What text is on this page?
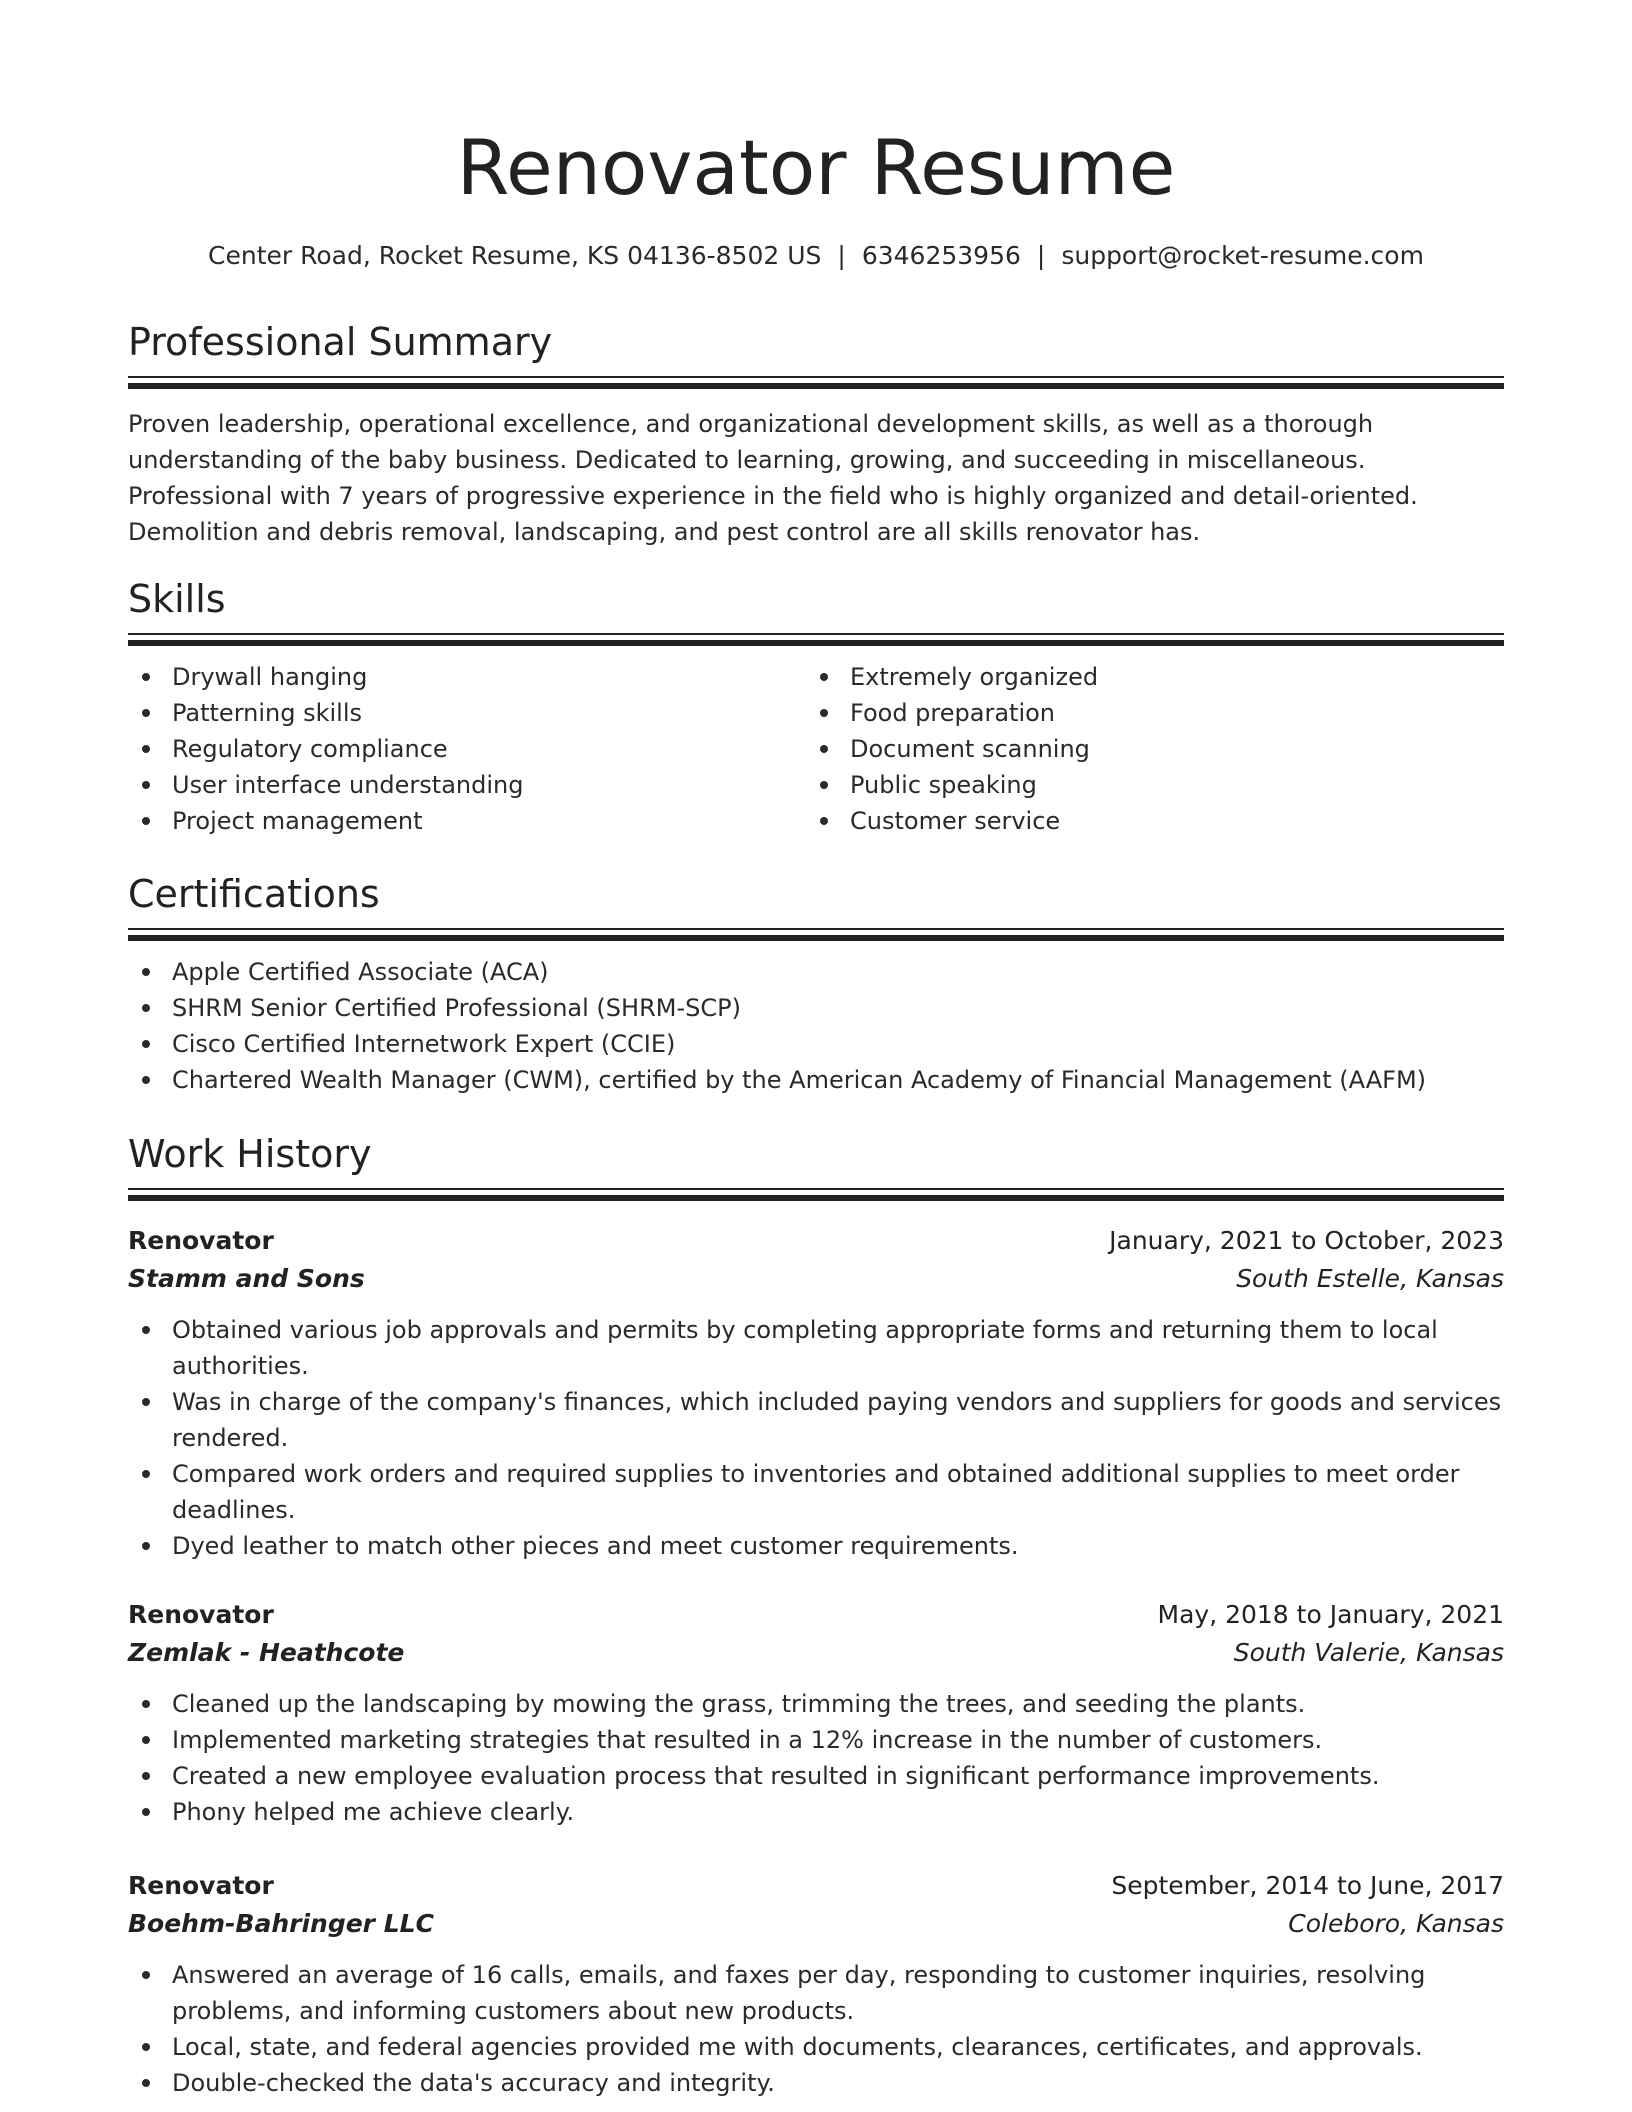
Renovator Resume
Center Road, Rocket Resume, KS 04136-8502 US | 6346253956 | support@rocket-resume.com
Professional Summary

Proven leadership, operational excellence, and organizational development skills, as well as a thorough understanding of the baby business. Dedicated to learning, growing, and succeeding in miscellaneous. Professional with 7 years of progressive experience in the field who is highly organized and detail-oriented. Demolition and debris removal, landscaping, and pest control are all skills renovator has.

Skills
Drywall hanging
Patterning skills
Regulatory compliance
User interface understanding
Project management
Extremely organized
Food preparation
Document scanning
Public speaking
Customer service
Certifications
Apple Certified Associate (ACA)
SHRM Senior Certified Professional (SHRM-SCP)
Cisco Certified Internetwork Expert (CCIE)
Chartered Wealth Manager (CWM), certified by the American Academy of Financial Management (AAFM)
Work History
Renovator	January, 2021 to October, 2023
Stamm and Sons	South Estelle, Kansas
Obtained various job approvals and permits by completing appropriate forms and returning them to local authorities.
Was in charge of the company's finances, which included paying vendors and suppliers for goods and services rendered.
Compared work orders and required supplies to inventories and obtained additional supplies to meet order deadlines.
Dyed leather to match other pieces and meet customer requirements.
Renovator	May, 2018 to January, 2021
Zemlak - Heathcote	South Valerie, Kansas
Cleaned up the landscaping by mowing the grass, trimming the trees, and seeding the plants.
Implemented marketing strategies that resulted in a 12% increase in the number of customers.
Created a new employee evaluation process that resulted in significant performance improvements.
Phony helped me achieve clearly.
Renovator	September, 2014 to June, 2017
Boehm-Bahringer LLC	Coleboro, Kansas
Answered an average of 16 calls, emails, and faxes per day, responding to customer inquiries, resolving problems, and informing customers about new products.
Local, state, and federal agencies provided me with documents, clearances, certificates, and approvals.
Double-checked the data's accuracy and integrity.
